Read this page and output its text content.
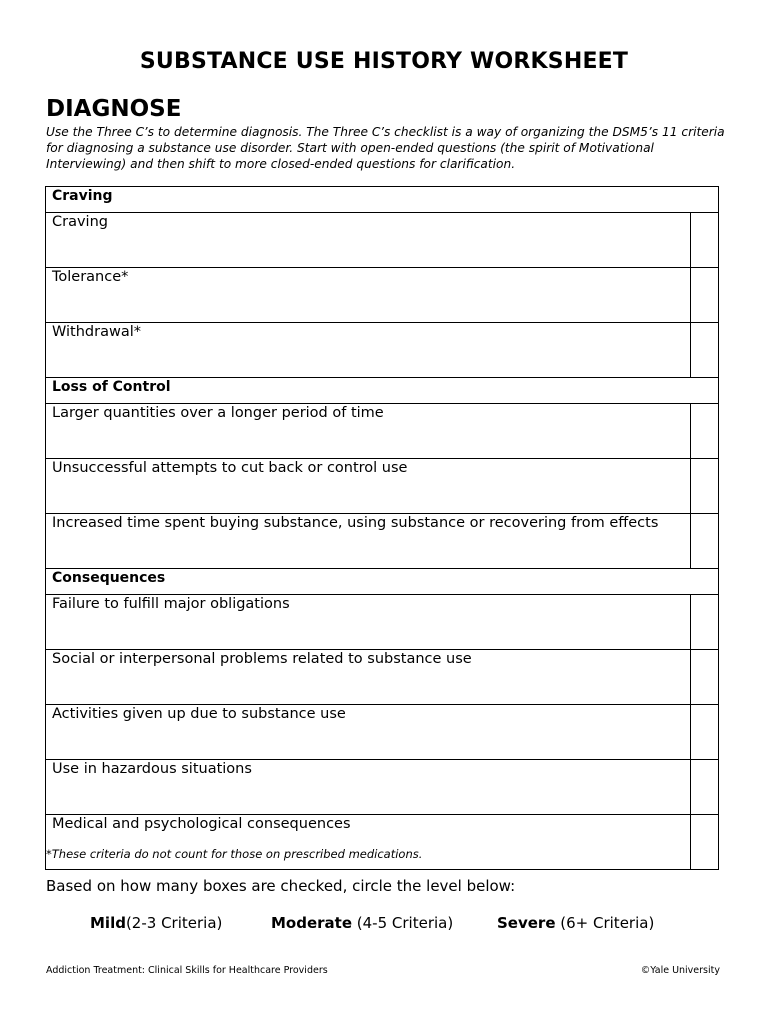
SUBSTANCE USE HISTORY WORKSHEET
DIAGNOSE
Use the Three C’s to determine diagnosis. The Three C’s checklist is a way of organizing the DSM5’s 11 criteria for diagnosing a substance use disorder. Start with open-ended questions (the spirit of Motivational Interviewing) and then shift to more closed-ended questions for clarification.
Craving	
Craving	
Tolerance*	
Withdrawal*	
Loss of Control	
Larger quantities over a longer period of time	
Unsuccessful attempts to cut back or control use	
Increased time spent buying substance, using substance or recovering from effects	
Consequences	
Failure to fulfill major obligations	
Social or interpersonal problems related to substance use	
Activities given up due to substance use	
Use in hazardous situations	
Medical and psychological consequences	
*These criteria do not count for those on prescribed medications.
Based on how many boxes are checked, circle the level below:
Mild(2-3 Criteria)	Moderate (4-5 Criteria)	Severe (6+ Criteria)
Addiction Treatment: Clinical Skills for Healthcare Providers	©Yale University
